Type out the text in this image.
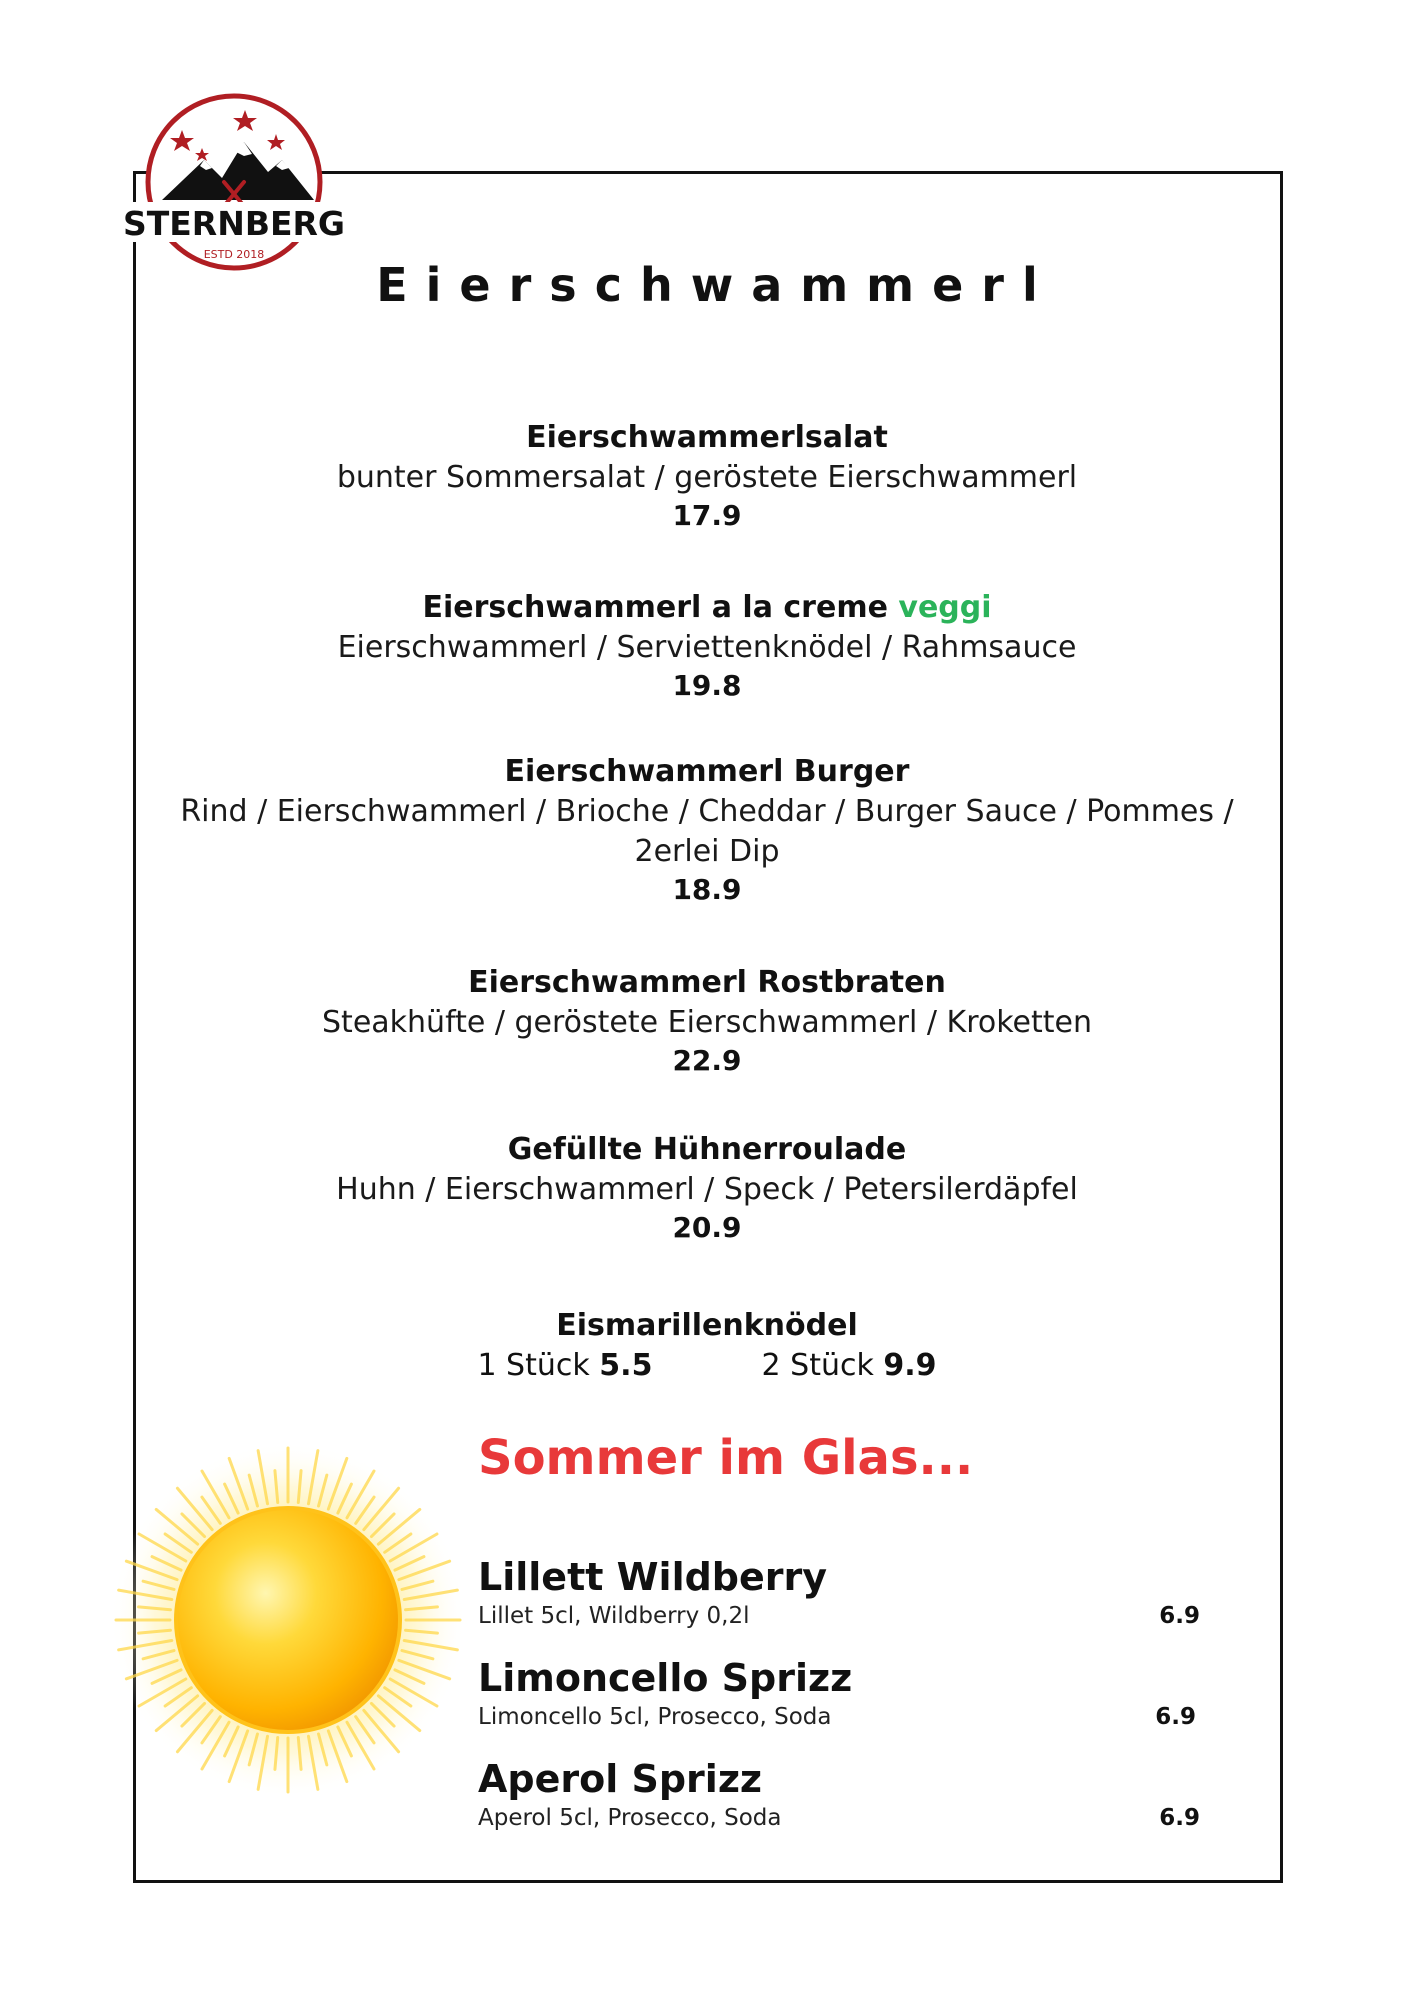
STERNBERG
ESTD 2018
Eierschwammerl
Eierschwammerlsalat
bunter Sommersalat / geröstete Eierschwammerl
17.9
Eierschwammerl a la creme veggi
Eierschwammerl / Serviettenknödel / Rahmsauce
19.8
Eierschwammerl Burger
Rind / Eierschwammerl / Brioche / Cheddar / Burger Sauce / Pommes /
2erlei Dip
18.9
Eierschwammerl Rostbraten
Steakhüfte / geröstete Eierschwammerl / Kroketten
22.9
Gefüllte Hühnerroulade
Huhn / Eierschwammerl / Speck / Petersilerdäpfel
20.9
Eismarillenknödel
1 Stück 5.5	2 Stück 9.9
Sommer im Glas...
Lillett Wildberry
Lillet 5cl, Wildberry 0,2l	6.9
Limoncello Sprizz
Limoncello 5cl, Prosecco, Soda	6.9
Aperol Sprizz
Aperol 5cl, Prosecco, Soda	6.9
